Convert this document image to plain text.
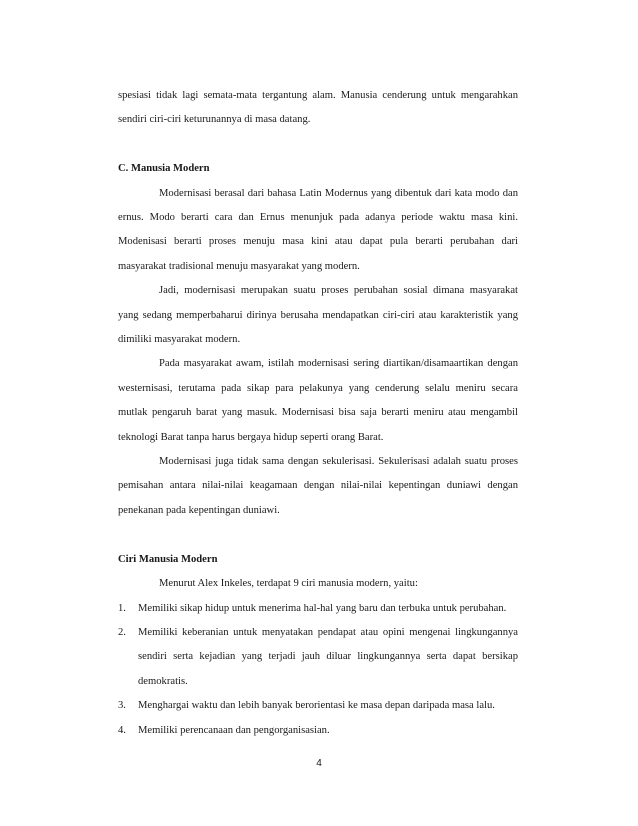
spesiasi tidak lagi semata-mata tergantung alam. Manusia cenderung untuk mengarahkan sendiri ciri-ciri keturunannya di masa datang.

C. Manusia Modern

Modernisasi berasal dari bahasa Latin Modernus yang dibentuk dari kata modo dan ernus. Modo berarti cara dan Ernus menunjuk pada adanya periode waktu masa kini. Modenisasi berarti proses menuju masa kini atau dapat pula berarti perubahan dari masyarakat tradisional menuju masyarakat yang modern.

Jadi, modernisasi merupakan suatu proses perubahan sosial dimana masyarakat yang sedang memperbaharui dirinya berusaha mendapatkan ciri-ciri atau karakteristik yang dimiliki masyarakat modern.

Pada masyarakat awam, istilah modernisasi sering diartikan/disamaartikan dengan westernisasi, terutama pada sikap para pelakunya yang cenderung selalu meniru secara mutlak pengaruh barat yang masuk. Modernisasi bisa saja berarti meniru atau mengambil teknologi Barat tanpa harus bergaya hidup seperti orang Barat.

Modernisasi juga tidak sama dengan sekulerisasi. Sekulerisasi adalah suatu proses pemisahan antara nilai-nilai keagamaan dengan nilai-nilai kepentingan duniawi dengan penekanan pada kepentingan duniawi.

Ciri Manusia Modern

Menurut Alex Inkeles, terdapat 9 ciri manusia modern, yaitu:

1. Memiliki sikap hidup untuk menerima hal-hal yang baru dan terbuka untuk perubahan.
2. Memiliki keberanian untuk menyatakan pendapat atau opini mengenai lingkungannya sendiri serta kejadian yang terjadi jauh diluar lingkungannya serta dapat bersikap demokratis.
3. Menghargai waktu dan lebih banyak berorientasi ke masa depan daripada masa lalu.
4. Memiliki perencanaan dan pengorganisasian.
4
